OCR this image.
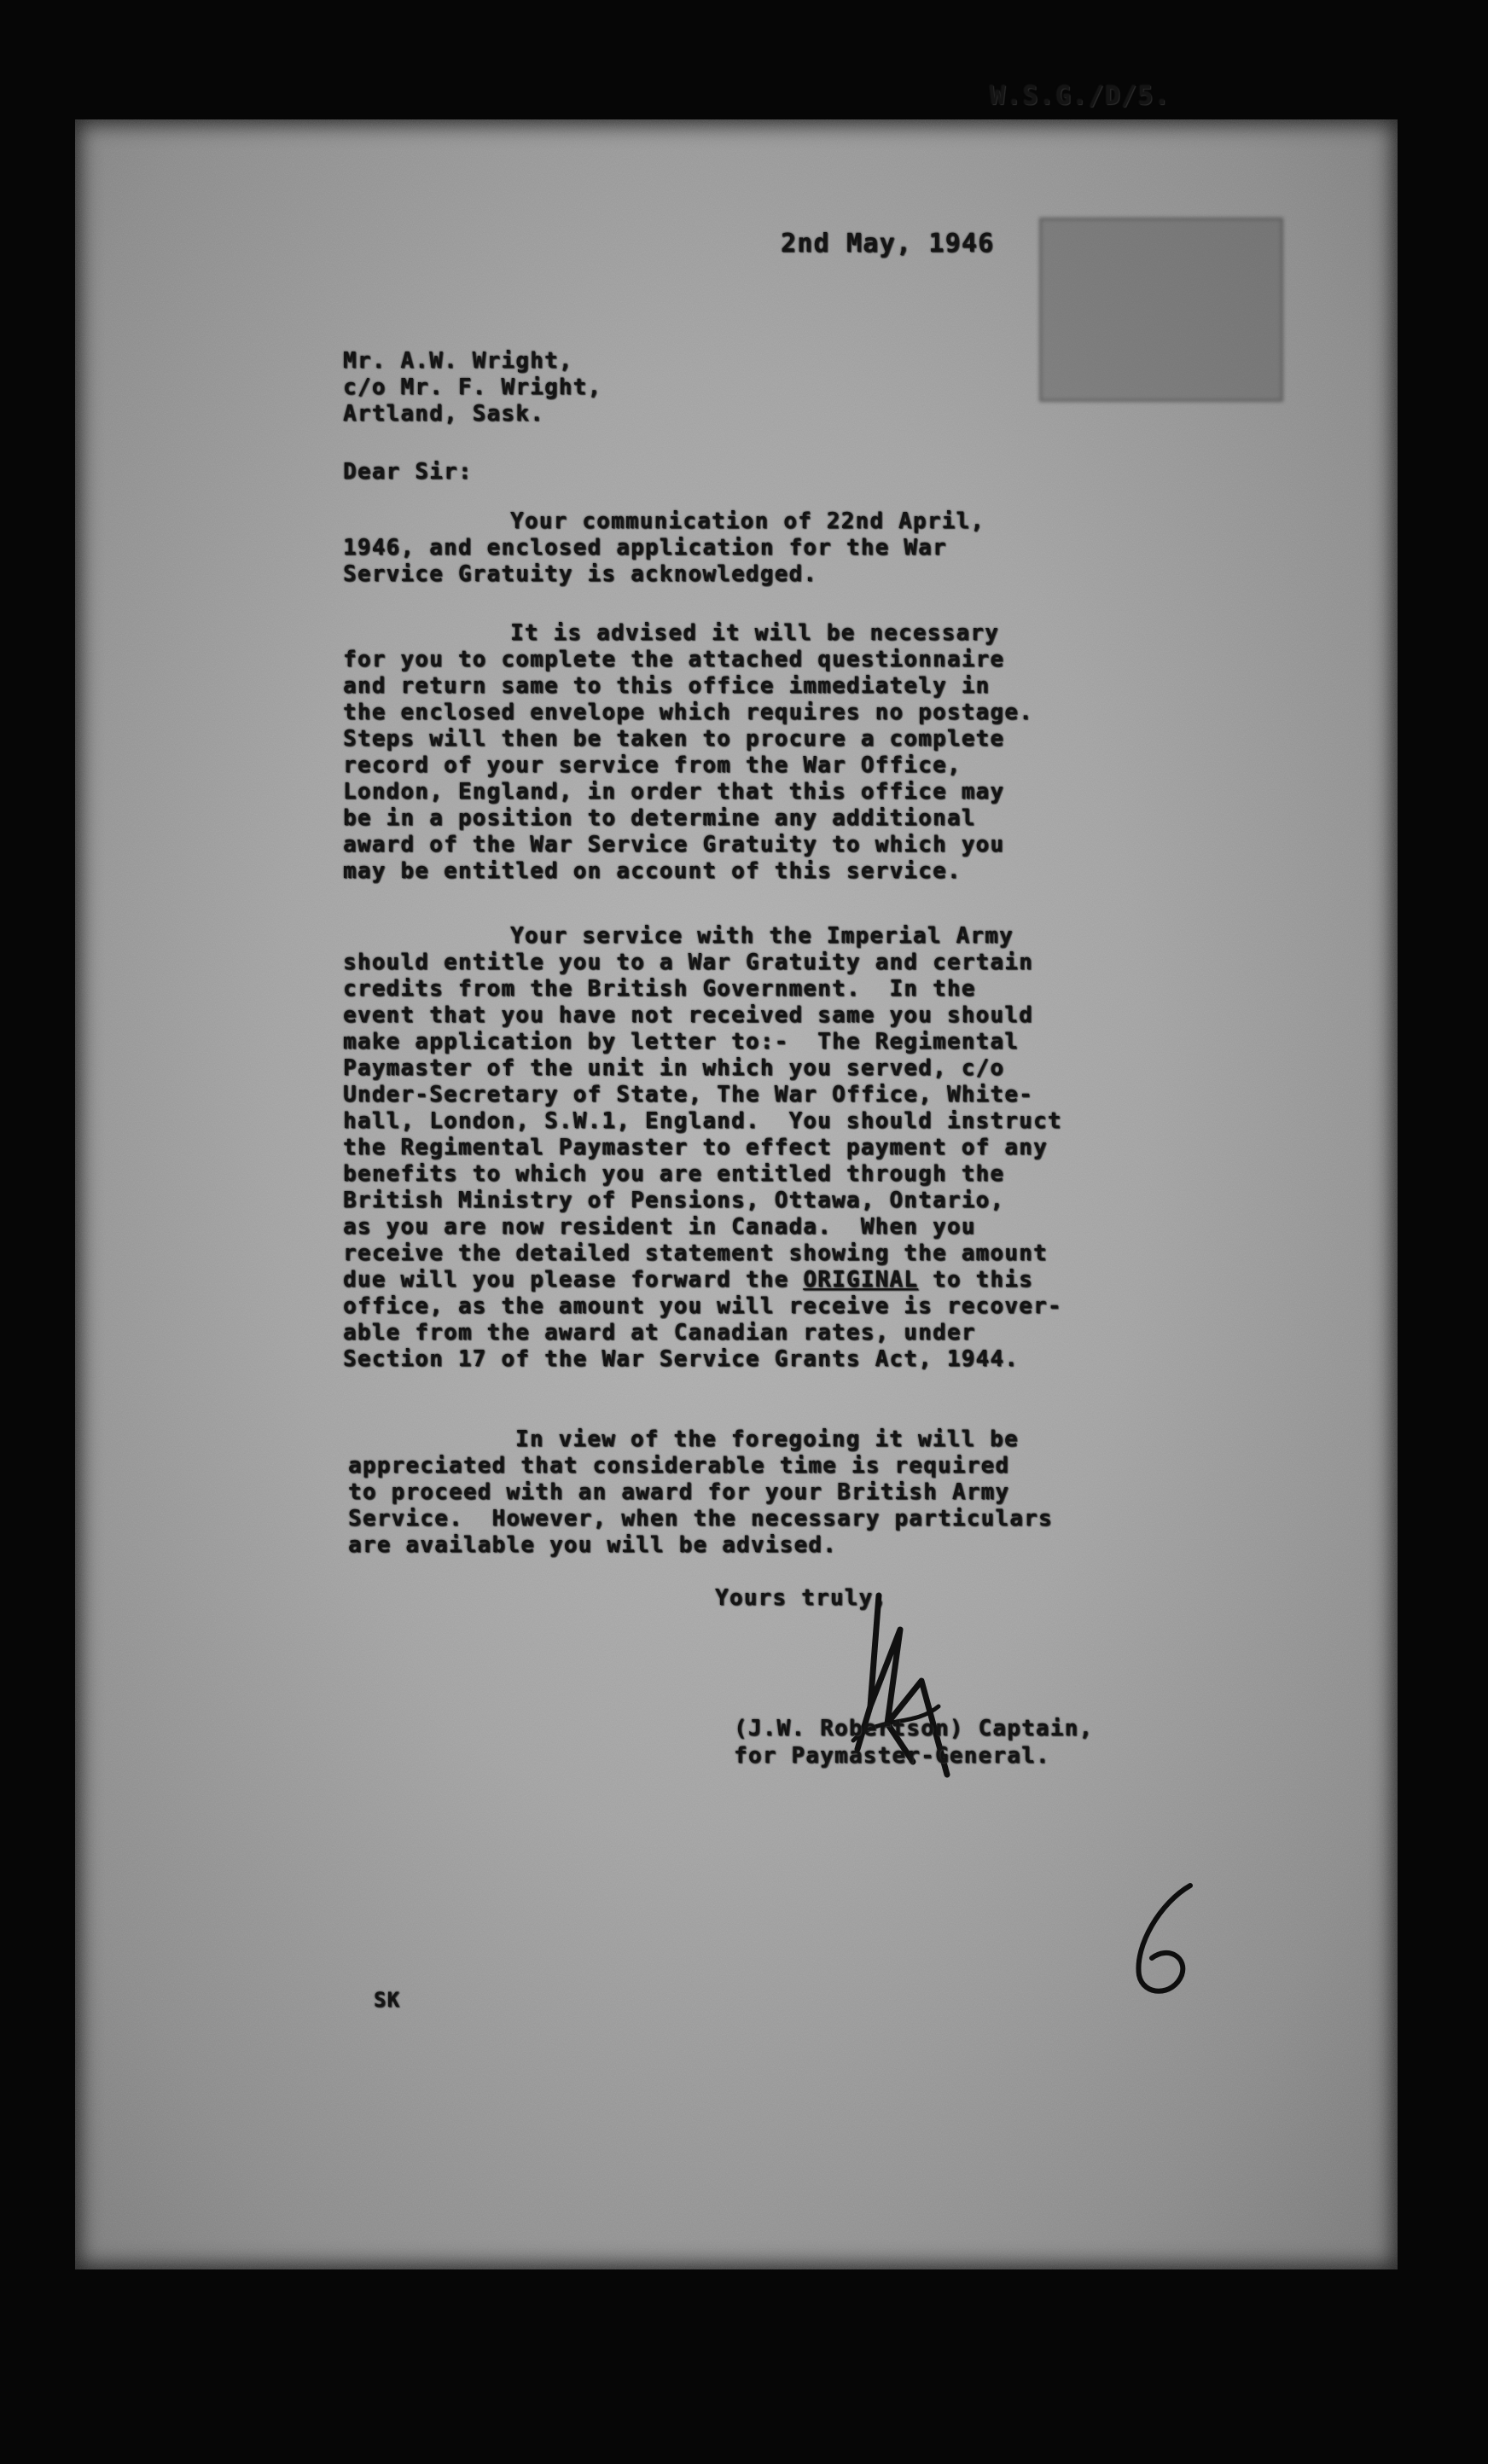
W.S.G./D/5.
2nd May, 1946
Mr. A.W. Wright,
c/o Mr. F. Wright,
Artland, Sask.
Dear Sir:
Your communication of 22nd April,
1946, and enclosed application for the War
Service Gratuity is acknowledged.
It is advised it will be necessary
for you to complete the attached questionnaire
and return same to this office immediately in
the enclosed envelope which requires no postage.
Steps will then be taken to procure a complete
record of your service from the War Office,
London, England, in order that this office may
be in a position to determine any additional
award of the War Service Gratuity to which you
may be entitled on account of this service.
Your service with the Imperial Army
should entitle you to a War Gratuity and certain
credits from the British Government.  In the
event that you have not received same you should
make application by letter to:-  The Regimental
Paymaster of the unit in which you served, c/o
Under-Secretary of State, The War Office, White-
hall, London, S.W.1, England.  You should instruct
the Regimental Paymaster to effect payment of any
benefits to which you are entitled through the
British Ministry of Pensions, Ottawa, Ontario,
as you are now resident in Canada.  When you
receive the detailed statement showing the amount
due will you please forward the ORIGINAL to this
office, as the amount you will receive is recover-
able from the award at Canadian rates, under
Section 17 of the War Service Grants Act, 1944.
In view of the foregoing it will be
appreciated that considerable time is required
to proceed with an award for your British Army
Service.  However, when the necessary particulars
are available you will be advised.
Yours truly,
(J.W. Robertson) Captain,
for Paymaster-General.
SK
6
